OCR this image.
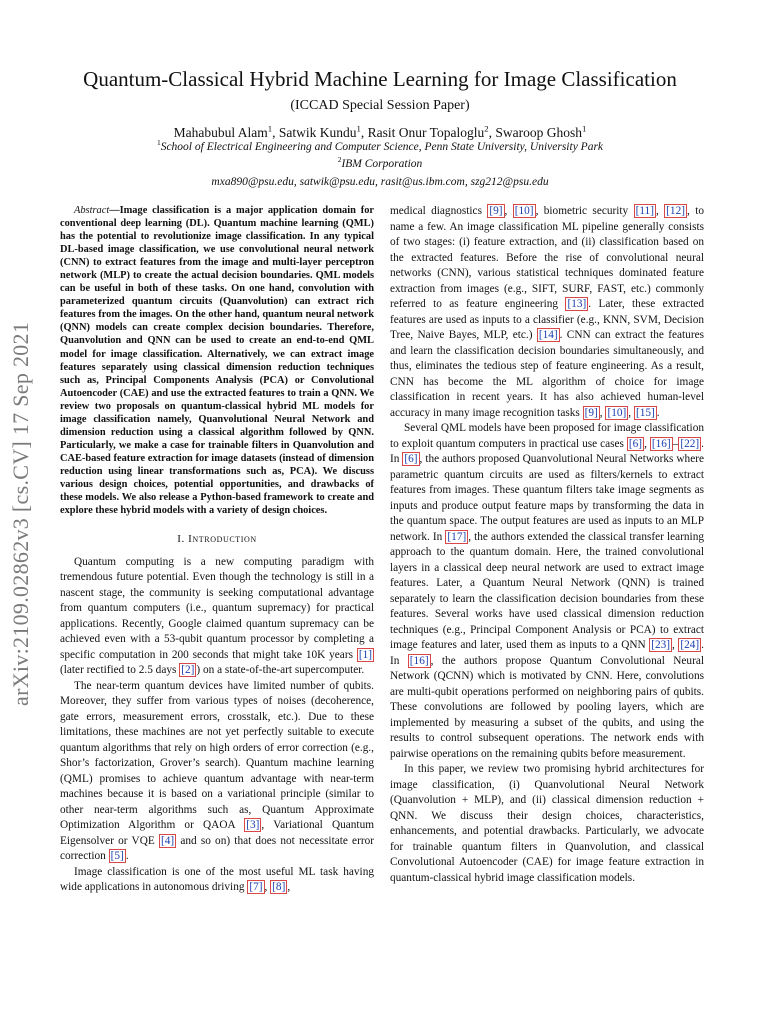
arXiv:2109.02862v3 [cs.CV] 17 Sep 2021
Quantum-Classical Hybrid Machine Learning for Image Classification
(ICCAD Special Session Paper)
Mahabubul Alam$^1$, Satwik Kundu$^1$, Rasit Onur Topaloglu$^2$, Swaroop Ghosh$^1$
$^1$School of Electrical Engineering and Computer Science, Penn State University, University Park
$^2$IBM Corporation
mxa890@psu.edu, satwik@psu.edu, rasit@us.ibm.com, szg212@psu.edu

Abstract—Image classification is a major application domain for conventional deep learning (DL). Quantum machine learning (QML) has the potential to revolutionize image classification. In any typical DL-based image classification, we use convolutional neural network (CNN) to extract features from the image and multi-layer perceptron network (MLP) to create the actual decision boundaries. QML models can be useful in both of these tasks. On one hand, convolution with parameterized quantum circuits (Quanvolution) can extract rich features from the images. On the other hand, quantum neural network (QNN) models can create complex decision boundaries. Therefore, Quanvolution and QNN can be used to create an end-to-end QML model for image classification. Alternatively, we can extract image features separately using classical dimension reduction techniques such as, Principal Components Analysis (PCA) or Convolutional Autoencoder (CAE) and use the extracted features to train a QNN. We review two proposals on quantum-classical hybrid ML models for image classification namely, Quanvolutional Neural Network and dimension reduction using a classical algorithm followed by QNN. Particularly, we make a case for trainable filters in Quanvolution and CAE-based feature extraction for image datasets (instead of dimension reduction using linear transformations such as, PCA). We discuss various design choices, potential opportunities, and drawbacks of these models. We also release a Python-based framework to create and explore these hybrid models with a variety of design choices.

I. Introduction

Quantum computing is a new computing paradigm with tremendous future potential. Even though the technology is still in a nascent stage, the community is seeking computational advantage from quantum computers (i.e., quantum supremacy) for practical applications. Recently, Google claimed quantum supremacy can be achieved even with a 53-qubit quantum processor by completing a specific computation in 200 seconds that might take 10K years [1] (later rectified to 2.5 days [2] ) on a state-of-the-art supercomputer.

The near-term quantum devices have limited number of qubits. Moreover, they suffer from various types of noises (decoherence, gate errors, measurement errors, crosstalk, etc.). Due to these limitations, these machines are not yet perfectly suitable to execute quantum algorithms that rely on high orders of error correction (e.g., Shor’s factorization, Grover’s search). Quantum machine learning (QML) promises to achieve quantum advantage with near-term machines because it is based on a variational principle (similar to other near-term algorithms such as, Quantum Approximate Optimization Algorithm or QAOA [3] , Variational Quantum Eigensolver or VQE [4] and so on) that does not necessitate error correction [5] .

Image classification is one of the most useful ML task having wide applications in autonomous driving [7] , [8] ,

medical diagnostics [9] , [10] , biometric security [11] , [12] , to name a few. An image classification ML pipeline generally consists of two stages: (i) feature extraction, and (ii) classification based on the extracted features. Before the rise of convolutional neural networks (CNN), various statistical techniques dominated feature extraction from images (e.g., SIFT, SURF, FAST, etc.) commonly referred to as feature engineering [13] . Later, these extracted features are used as inputs to a classifier (e.g., KNN, SVM, Decision Tree, Naive Bayes, MLP, etc.) [14] . CNN can extract the features and learn the classification decision boundaries simultaneously, and thus, eliminates the tedious step of feature engineering. As a result, CNN has become the ML algorithm of choice for image classification in recent years. It has also achieved human-level accuracy in many image recognition tasks [9] , [10] , [15] .

Several QML models have been proposed for image classification to exploit quantum computers in practical use cases [6] , [16] – [22] . In [6] , the authors proposed Quanvolutional Neural Networks where parametric quantum circuits are used as filters/kernels to extract features from images. These quantum filters take image segments as inputs and produce output feature maps by transforming the data in the quantum space. The output features are used as inputs to an MLP network. In [17] , the authors extended the classical transfer learning approach to the quantum domain. Here, the trained convolutional layers in a classical deep neural network are used to extract image features. Later, a Quantum Neural Network (QNN) is trained separately to learn the classification decision boundaries from these features. Several works have used classical dimension reduction techniques (e.g., Principal Component Analysis or PCA) to extract image features and later, used them as inputs to a QNN [23] , [24] . In [16] , the authors propose Quantum Convolutional Neural Network (QCNN) which is motivated by CNN. Here, convolutions are multi-qubit operations performed on neighboring pairs of qubits. These convolutions are followed by pooling layers, which are implemented by measuring a subset of the qubits, and using the results to control subsequent operations. The network ends with pairwise operations on the remaining qubits before measurement.

In this paper, we review two promising hybrid architectures for image classification, (i) Quanvolutional Neural Network (Quanvolution + MLP), and (ii) classical dimension reduction + QNN. We discuss their design choices, characteristics, enhancements, and potential drawbacks. Particularly, we advocate for trainable quantum filters in Quanvolution, and classical Convolutional Autoencoder (CAE) for image feature extraction in quantum-classical hybrid image classification models.
